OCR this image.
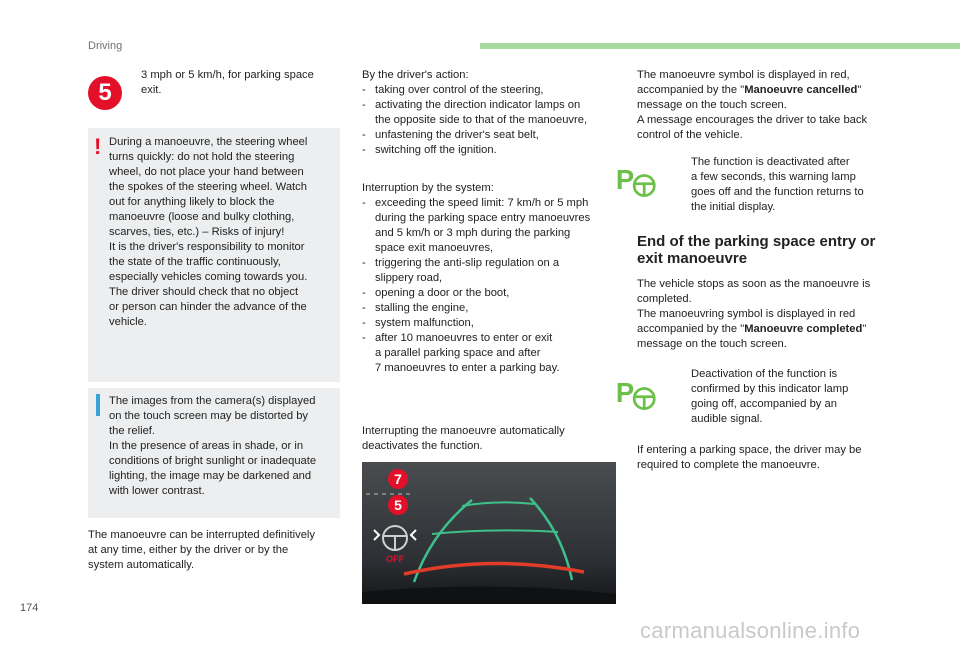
Driving
5
3 mph or 5 km/h, for parking space
exit.
! During a manoeuvre, the steering wheel
turns quickly: do not hold the steering
wheel, do not place your hand between
the spokes of the steering wheel. Watch
out for anything likely to block the
manoeuvre (loose and bulky clothing,
scarves, ties, etc.) – Risks of injury!
It is the driver's responsibility to monitor
the state of the traffic continuously,
especially vehicles coming towards you.
The driver should check that no object
or person can hinder the advance of the
vehicle.
The images from the camera(s) displayed
on the touch screen may be distorted by
the relief.
In the presence of areas in shade, or in
conditions of bright sunlight or inadequate
lighting, the image may be darkened and
with lower contrast.
The manoeuvre can be interrupted definitively
at any time, either by the driver or by the
system automatically.
By the driver's action:
- taking over control of the steering,
- activating the direction indicator lamps on
the opposite side to that of the manoeuvre,
- unfastening the driver's seat belt,
- switching off the ignition.
Interruption by the system:
- exceeding the speed limit: 7 km/h or 5 mph
during the parking space entry manoeuvres
and 5 km/h or 3 mph during the parking
space exit manoeuvres,
- triggering the anti-slip regulation on a
slippery road,
- opening a door or the boot,
- stalling the engine,
- system malfunction,
- after 10 manoeuvres to enter or exit
a parallel parking space and after
7 manoeuvres to enter a parking bay.
Interrupting the manoeuvre automatically
deactivates the function.
7
5
OFF
The manoeuvre symbol is displayed in red,
accompanied by the "Manoeuvre cancelled"
message on the touch screen.
A message encourages the driver to take back
control of the vehicle.
P
The function is deactivated after
a few seconds, this warning lamp
goes off and the function returns to
the initial display.
End of the parking space entry or
exit manoeuvre
The vehicle stops as soon as the manoeuvre is
completed.
The manoeuvring symbol is displayed in red
accompanied by the "Manoeuvre completed"
message on the touch screen.
P
Deactivation of the function is
confirmed by this indicator lamp
going off, accompanied by an
audible signal.
If entering a parking space, the driver may be
required to complete the manoeuvre.
174
carmanualsonline.info
